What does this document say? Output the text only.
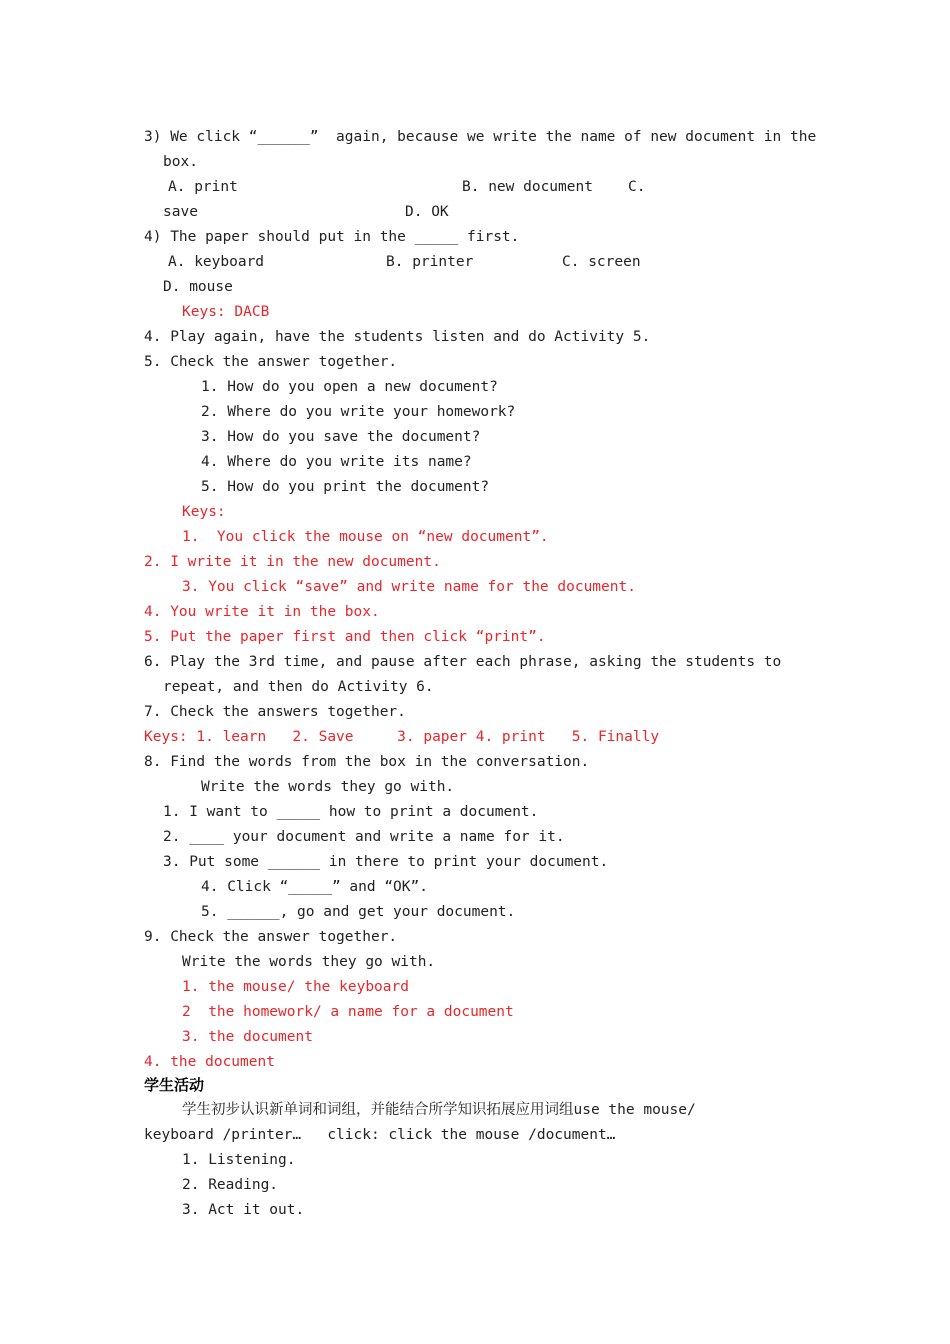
3) We click “______”  again, because we write the name of new document in the
box.
A. print	B. new document C.
save	D. OK
4) The paper should put in the _____ first.
A. keyboard	B. printer	C. screen
D. mouse
Keys: DACB
4. Play again, have the students listen and do Activity 5.
5. Check the answer together.
1. How do you open a new document?
2. Where do you write your homework?
3. How do you save the document?
4. Where do you write its name?
5. How do you print the document?
Keys:
1.  You click the mouse on “new document”.
2. I write it in the new document.
3. You click “save” and write name for the document.
4. You write it in the box.
5. Put the paper first and then click “print”.
6. Play the 3rd time, and pause after each phrase, asking the students to
repeat, and then do Activity 6.
7. Check the answers together.
Keys: 1. learn   2. Save     3. paper 4. print   5. Finally
8. Find the words from the box in the conversation.
Write the words they go with.
1. I want to _____ how to print a document.
2. ____ your document and write a name for it.
3. Put some ______ in there to print your document.
4. Click “_____” and “OK”.
5. ______, go and get your document.
9. Check the answer together.
Write the words they go with.
1. the mouse/ the keyboard
2  the homework/ a name for a document
3. the document
4. the document
学生活动
学生初步认识新单词和词组，并能结合所学知识拓展应用词组use the mouse/
keyboard /printer…   click: click the mouse /document…
1. Listening.
2. Reading.
3. Act it out.
